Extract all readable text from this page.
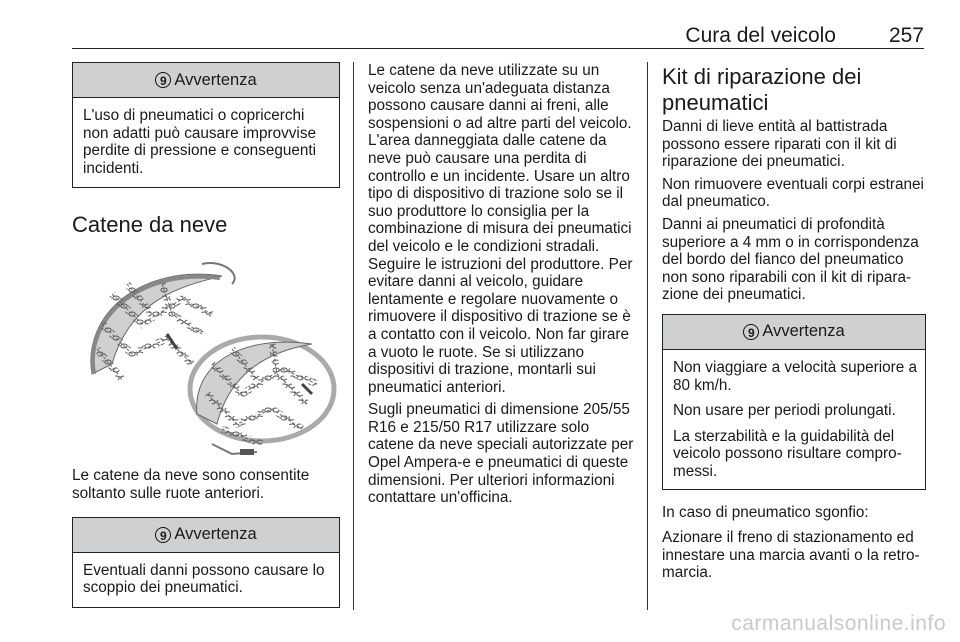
Cura del veicolo	257
9 Avvertenza

L'uso di pneumatici o copricerchi non adatti può causare improvvise perdite di pressione e conseguenti incidenti.

Catene da neve

Le catene da neve sono consentite soltanto sulle ruote anteriori.

9 Avvertenza

Eventuali danni possono causare lo scoppio dei pneumatici.

Le catene da neve utilizzate su un veicolo senza un'adeguata distanza possono causare danni ai freni, alle sospensioni o ad altre parti del veicolo. L'area danneggiata dalle catene da neve può causare una perdita di controllo e un incidente. Usare un altro tipo di dispositivo di trazione solo se il suo produttore lo consiglia per la combinazione di misura dei pneumatici del veicolo e le condizioni stradali. Seguire le istruzioni del produttore. Per evitare danni al veicolo, guidare lentamente e regolare nuovamente o rimuovere il dispositivo di trazione se è a contatto con il veicolo. Non far girare a vuoto le ruote. Se si utilizzano dispositivi di trazione, montarli sui pneumatici anteriori.

Sugli pneumatici di dimensione 205/55 R16 e 215/50 R17 utilizzare solo catene da neve speciali autorizzate per Opel Ampera-e e pneumatici di queste dimensioni. Per ulteriori informazioni contattare un'officina.

Kit di riparazione dei pneumatici

Danni di lieve entità al battistrada possono essere riparati con il kit di riparazione dei pneumatici.

Non rimuovere eventuali corpi estranei dal pneumatico.

Danni ai pneumatici di profondità superiore a 4 mm o in corrispondenza del bordo del fianco del pneumatico non sono riparabili con il kit di riparazione dei pneumatici.

9 Avvertenza

Non viaggiare a velocità superiore a 80 km/h.

Non usare per periodi prolungati.

La sterzabilità e la guidabilità del veicolo possono risultare compromessi.

In caso di pneumatico sgonfio:

Azionare il freno di stazionamento ed innestare una marcia avanti o la retromarcia.

carmanualsonline.info
